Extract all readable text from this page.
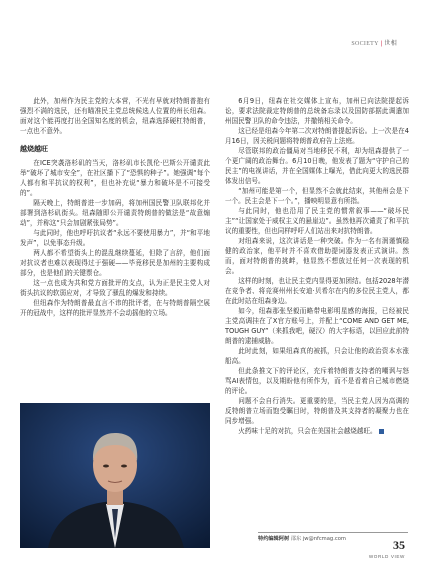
SOCIETY | 世相

此外，加州作为民主党的大本营，不光有早就对特朗普抱有强烈不满的选民，还有瞄准民主党总统候选人位置的州长纽森。面对这个能再度打出全国知名度的机会，纽森选择硬杠特朗普，一点也不意外。

越烧越旺

在ICE突袭洛杉矶的当天，洛杉矶市长凯伦·巴斯公开谴责此举“破坏了城市安全”，在社区播下了“恐惧的种子”。她强调“每个人都有和平抗议的权利”，但也补充说“暴力和破坏是不可接受的”。

隔天晚上，特朗普进一步加码，将加州国民警卫队联邦化并部署到洛杉矶街头。纽森随即公开谴责特朗普的做法是“故意煽动”，并称这“只会加剧紧张局势”。

与此同时，他也呼吁抗议者“永远不要使用暴力”，并“和平地发声”，以免事态升级。

两人都不希望街头上的混乱继续蔓延，但除了言辞，他们面对抗议者也难以表现得过于强硬——毕竟移民是加州的主要构成部分，也是他们的关键票仓。

这一点也成为共和党方面批评的支点，认为正是民主党人对街头抗议的软弱应对，才导致了骚乱的爆发和持续。

但纽森作为特朗普最直言不讳的批评者，在与特朗普隔空展开的冠战中，这样的批评显然并不会动摇他的立场。

6月9日，纽森在社交媒体上宣布，加州已向法院提起诉讼，要求法院裁定特朗普的总统备忘录以及国防部据此调遣加州国民警卫队的命令违法，并撤销相关命令。

这已经是纽森今年第二次对特朗普提起诉讼。上一次是在4月16日，因关税问题将特朗普政府告上法庭。

尽管联邦的政治僵局对当地移民不利，却为纽森提供了一个更广阔的政治舞台。6月10日晚，他发表了题为“守护自己的民主”的电视讲话，并在全国媒体上曝光，借此向更大的选民群体发出信号。

“加州可能是第一个，但显然不会就此结束，其他州会是下一个。民主会是下一个。”，播映明显意有所指。

与此同时，他也沿用了民主党的惯常叙事——“破坏民主”“让国家处于威权主义的悬崖边”。虽然他再次谴责了和平抗议的重要性，但也同样呼吁人们站出来对抗特朗普。

对纽森来说，这次讲话是一种突破。作为一名有润谨慎稳健的政治家，他平时并不喜欢借助提词器发表正式演讲。然而，面对特朗普的挑衅，他显然不想放过任何一次表现的机会。

这样的时刻，也让民主党内显得更加团结。包括2028年潜在竞争者、将竞赛州州长安迪·贝希尔在内的多位民主党人，都在此时站在纽森身边。

如今，纽森那张坚毅而略带电影明星感的海报，已经被民主党高调挂在了X官方账号上，并配上“COME AND GET ME, TOUGH GUY”（来抓我吧，硬汉）的大字标语，以回应此前特朗普的逮捕威胁。

此时此刻，如果纽森真的被抓，只会让他的政治资本水涨船高。

但此条推文下的评论区，充斥着特朗普支持者的嘲讽与怒骂AI表情包，以及期盼他有所作为，而不是看着自己城市燃烧的评论。

问题不会自行消失。更重要的是，当民主党人因为高调的反特朗普立场而饱受瞩目时，特朗普及其支持者的凝聚力也在同步增强。

火药味十足的对抗，只会在美国社会越烧越旺。

特约编辑阿树 邵东 jw@nfcmag.com	35
WORLD VIEW
